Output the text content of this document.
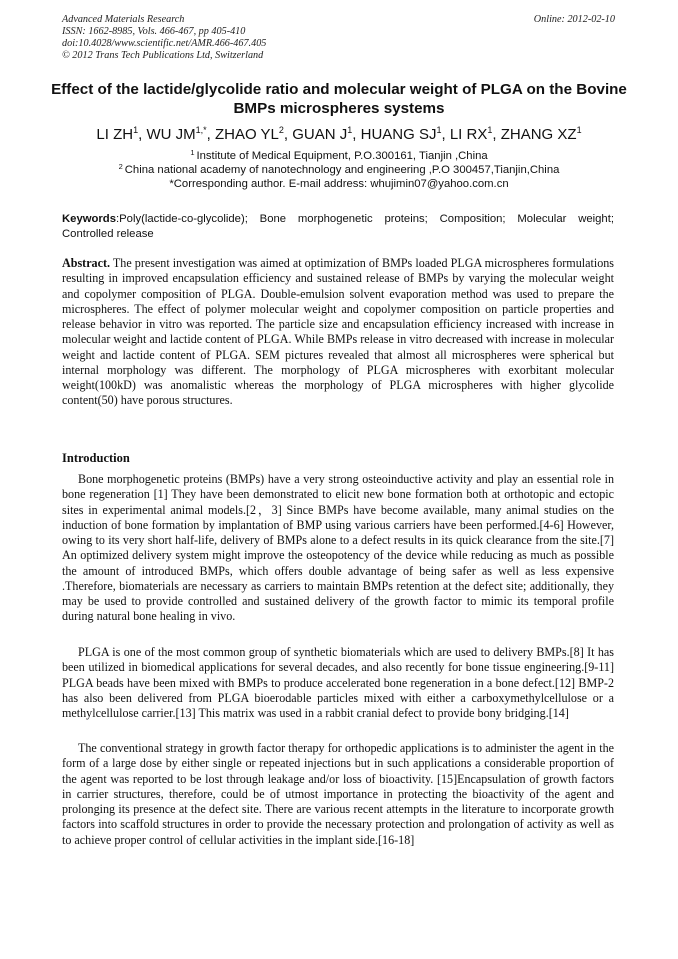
Advanced Materials Research
ISSN: 1662-8985, Vols. 466-467, pp 405-410
doi:10.4028/www.scientific.net/AMR.466-467.405
© 2012 Trans Tech Publications Ltd, Switzerland
Online: 2012-02-10
Effect of the lactide/glycolide ratio and molecular weight of PLGA on the Bovine BMPs microspheres systems
LI $ZH^1$, WU $JM^{1,*}$, ZHAO $YL^2$, GUAN $J^1$, HUANG $SJ^1$, LI $RX^1$, ZHANG $XZ^1$
$^1$ Institute of Medical Equipment, P.O.300161, Tianjin ,China
$^2$ China national academy of nanotechnology and engineering ,P.O 300457,Tianjin,China
*Corresponding author. E-mail address: whujimin07@yahoo.com.cn
Keywords:Poly(lactide-co-glycolide); Bone morphogenetic proteins; Composition; Molecular weight; Controlled release
Abstract. The present investigation was aimed at optimization of BMPs loaded PLGA microspheres formulations resulting in improved encapsulation efficiency and sustained release of BMPs by varying the molecular weight and copolymer composition of PLGA. Double-emulsion solvent evaporation method was used to prepare the microspheres. The effect of polymer molecular weight and copolymer composition on particle properties and release behavior in vitro was reported. The particle size and encapsulation efficiency increased with increase in molecular weight and lactide content of PLGA. While BMPs release in vitro decreased with increase in molecular weight and lactide content of PLGA. SEM pictures revealed that almost all microspheres were spherical but internal morphology was different. The morphology of PLGA microspheres with exorbitant molecular weight(100kD) was anomalistic whereas the morphology of PLGA microspheres with higher glycolide content(50) have porous structures.
Introduction
Bone morphogenetic proteins (BMPs) have a very strong osteoinductive activity and play an essential role in bone regeneration [1] They have been demonstrated to elicit new bone formation both at orthotopic and ectopic sites in experimental animal models.[2，3] Since BMPs have become available, many animal studies on the induction of bone formation by implantation of BMP using various carriers have been performed.[4-6] However, owing to its very short half-life, delivery of BMPs alone to a defect results in its quick clearance from the site.[7] An optimized delivery system might improve the osteopotency of the device while reducing as much as possible the amount of introduced BMPs, which offers double advantage of being safer as well as less expensive .Therefore, biomaterials are necessary as carriers to maintain BMPs retention at the defect site; additionally, they may be used to provide controlled and sustained delivery of the growth factor to mimic its temporal profile during natural bone healing in vivo.
PLGA is one of the most common group of synthetic biomaterials which are used to delivery BMPs.[8] It has been utilized in biomedical applications for several decades, and also recently for bone tissue engineering.[9-11] PLGA beads have been mixed with BMPs to produce accelerated bone regeneration in a bone defect.[12] BMP-2 has also been delivered from PLGA bioerodable particles mixed with either a carboxymethylcellulose or a methylcellulose carrier.[13] This matrix was used in a rabbit cranial defect to provide bony bridging.[14]
The conventional strategy in growth factor therapy for orthopedic applications is to administer the agent in the form of a large dose by either single or repeated injections but in such applications a considerable proportion of the agent was reported to be lost through leakage and/or loss of bioactivity. [15]Encapsulation of growth factors in carrier structures, therefore, could be of utmost importance in protecting the bioactivity of the agent and prolonging its presence at the defect site. There are various recent attempts in the literature to incorporate growth factors into scaffold structures in order to provide the necessary protection and prolongation of activity as well as to achieve proper control of cellular activities in the implant side.[16-18]
